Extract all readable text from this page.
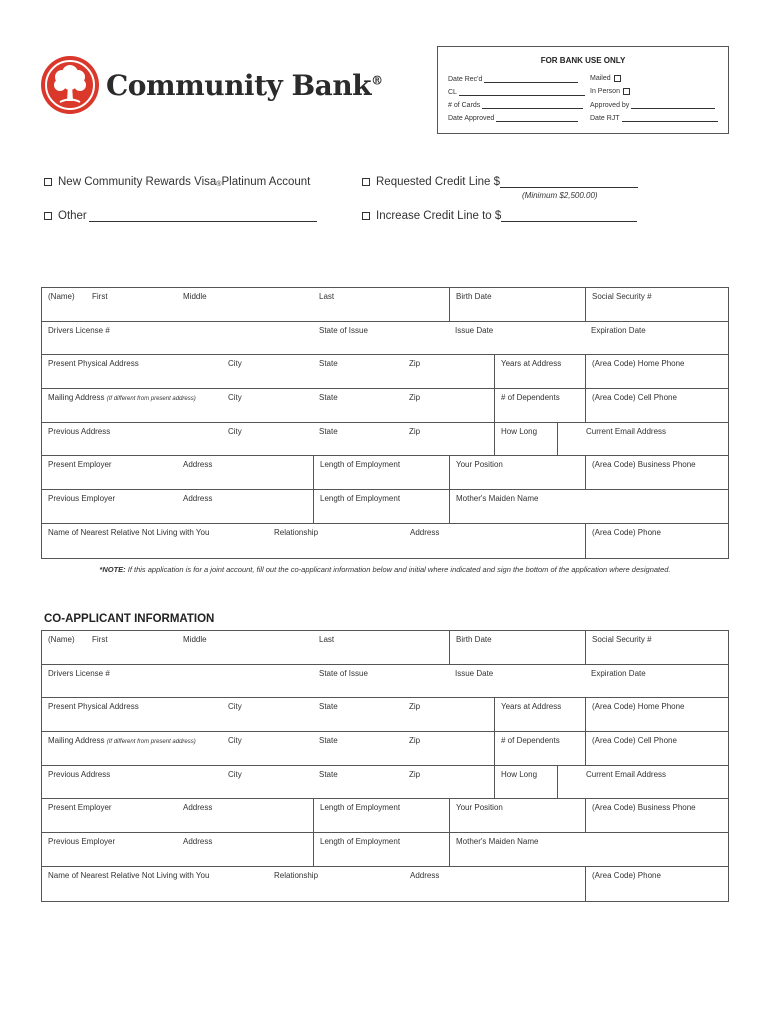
Community Bank®
FOR BANK USE ONLY
Date Rec'd
CL
# of Cards
Date Approved
Mailed
In Person
Approved by
Date RJT
New Community Rewards Visa$_®$ Platinum Account
Other
Requested Credit Line $
(Minimum $2,500.00)
Increase Credit Line to $
(Name) First	Middle	Last	Birth Date	Social Security #
Drivers License #	State of Issue	Issue Date	Expiration Date
Present Physical Address	City	State	Zip	Years at Address	(Area Code) Home Phone
Mailing Address (If different from present address)	City	State	Zip	# of Dependents	(Area Code) Cell Phone
Previous Address	City	State	Zip	How Long	Current Email Address
Present Employer	Address	Length of Employment	Your Position	(Area Code) Business Phone
Previous Employer	Address	Length of Employment	Mother's Maiden Name
Name of Nearest Relative Not Living with You	Relationship	Address	(Area Code) Phone
*NOTE: If this application is for a joint account, fill out the co-applicant information below and initial where indicated and sign the bottom of the application where designated.
CO-APPLICANT INFORMATION
(Name) First	Middle	Last	Birth Date	Social Security #
Drivers License #	State of Issue	Issue Date	Expiration Date
Present Physical Address	City	State	Zip	Years at Address	(Area Code) Home Phone
Mailing Address (If different from present address)	City	State	Zip	# of Dependents	(Area Code) Cell Phone
Previous Address	City	State	Zip	How Long	Current Email Address
Present Employer	Address	Length of Employment	Your Position	(Area Code) Business Phone
Previous Employer	Address	Length of Employment	Mother's Maiden Name
Name of Nearest Relative Not Living with You	Relationship	Address	(Area Code) Phone
